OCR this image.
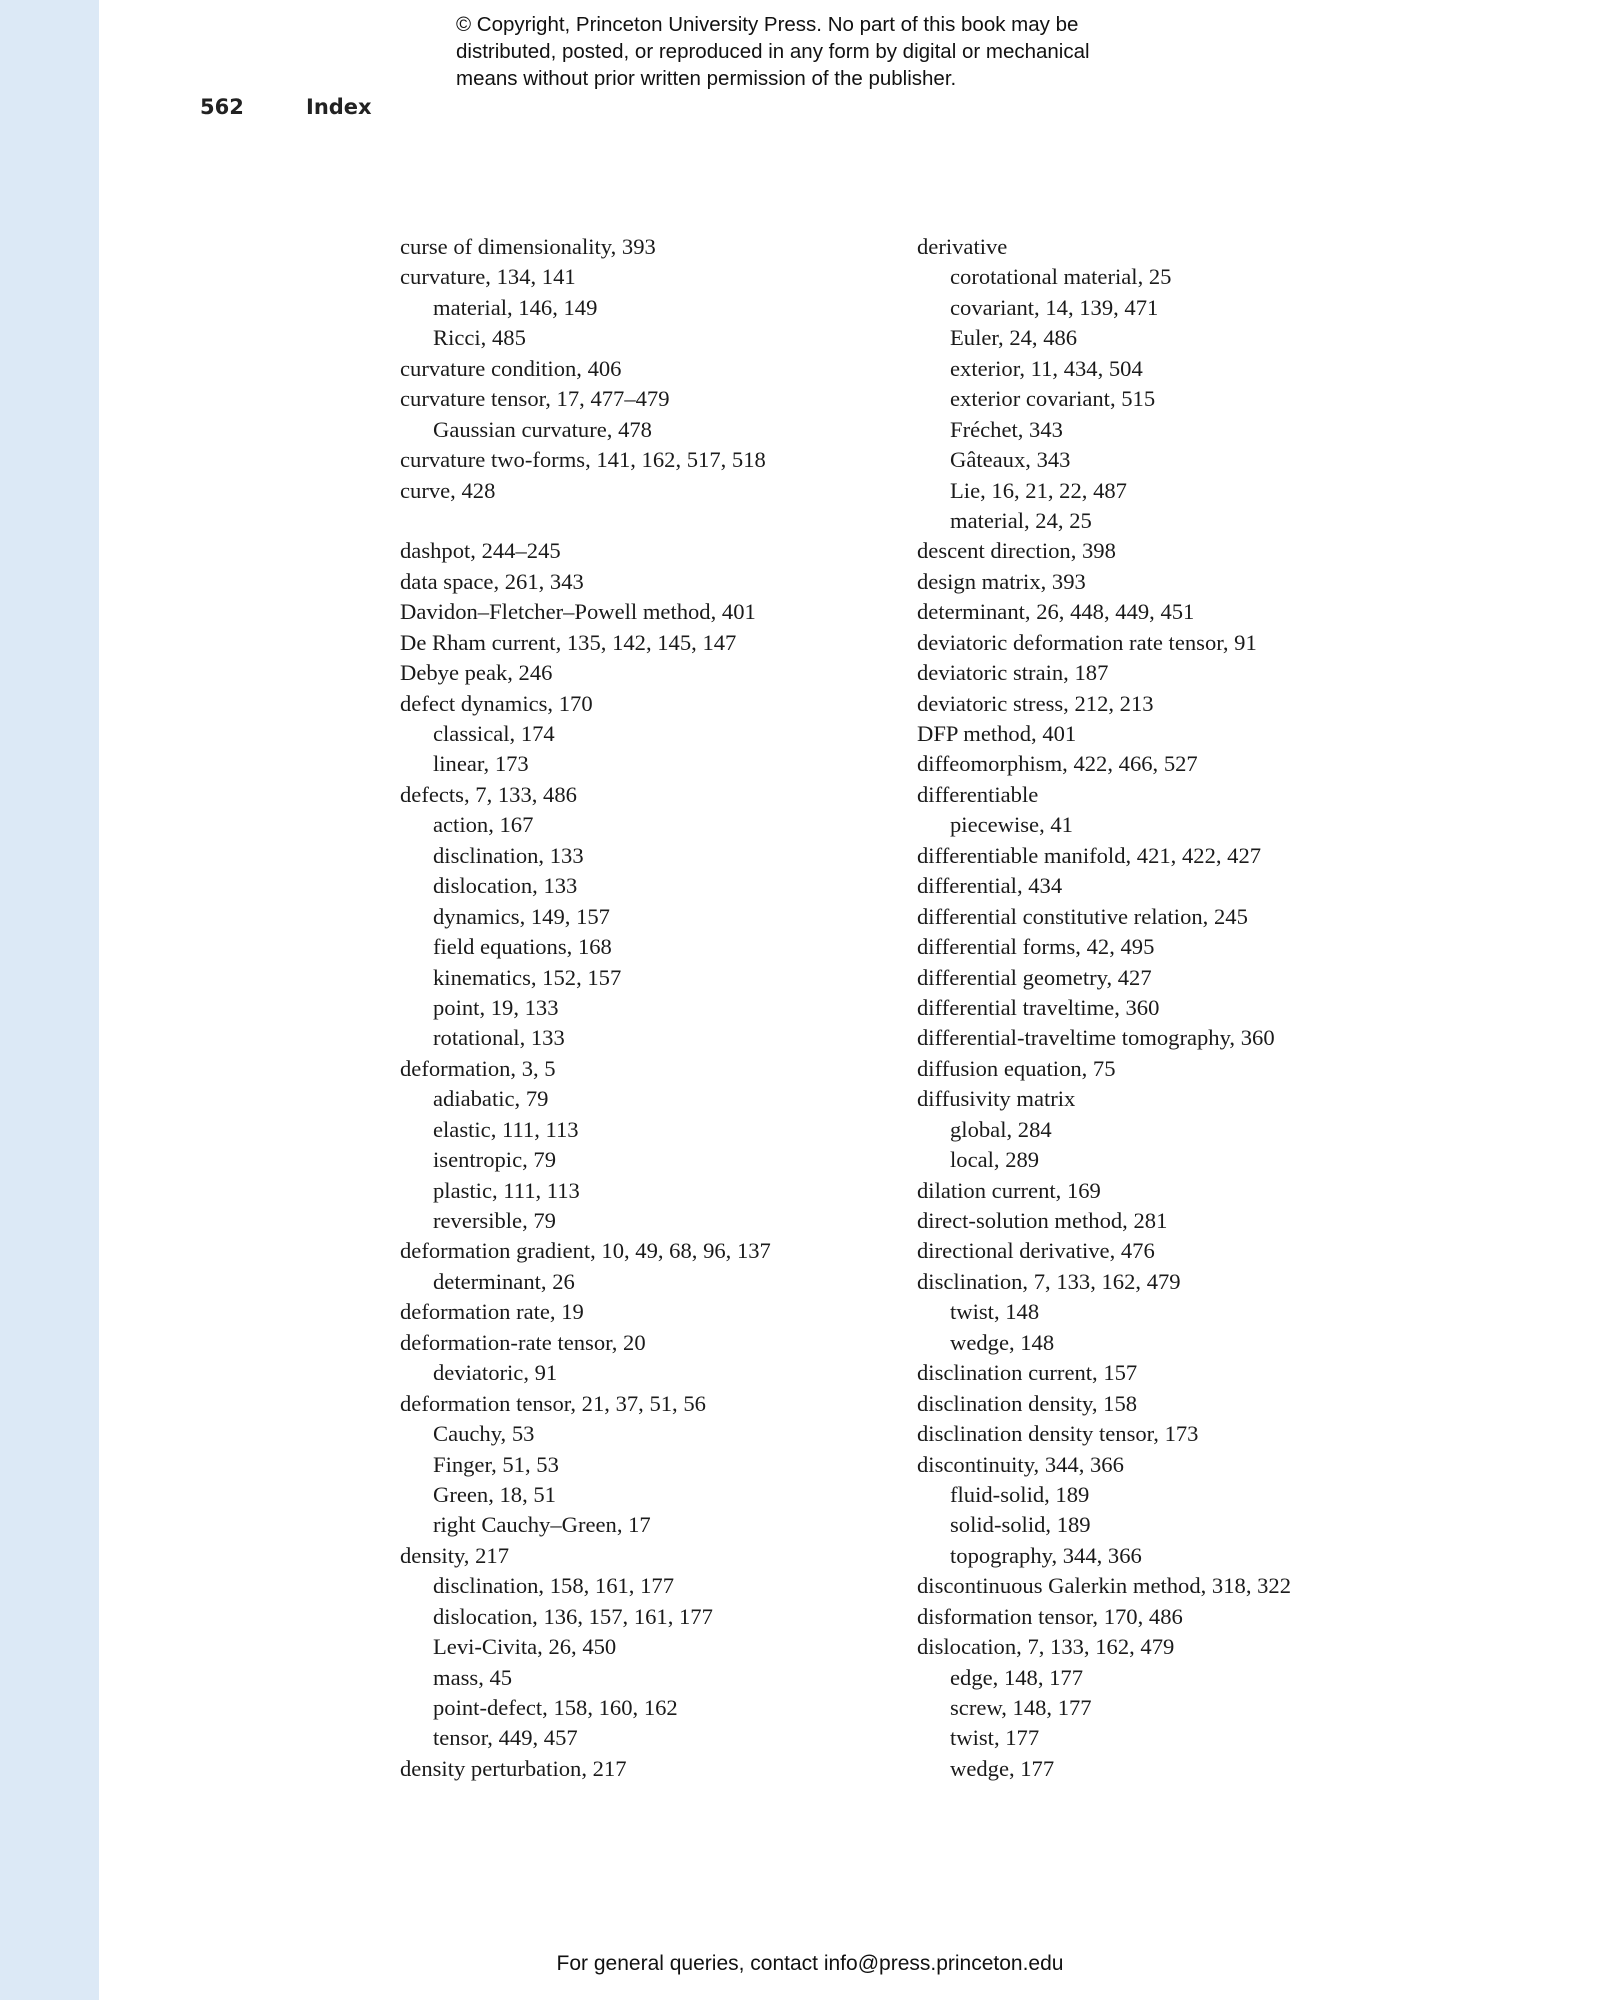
© Copyright, Princeton University Press. No part of this book may be
distributed, posted, or reproduced in any form by digital or mechanical
means without prior written permission of the publisher.
562	Index
curse of dimensionality, 393
curvature, 134, 141
material, 146, 149
Ricci, 485
curvature condition, 406
curvature tensor, 17, 477–479
Gaussian curvature, 478
curvature two-forms, 141, 162, 517, 518
curve, 428
dashpot, 244–245
data space, 261, 343
Davidon–Fletcher–Powell method, 401
De Rham current, 135, 142, 145, 147
Debye peak, 246
defect dynamics, 170
classical, 174
linear, 173
defects, 7, 133, 486
action, 167
disclination, 133
dislocation, 133
dynamics, 149, 157
field equations, 168
kinematics, 152, 157
point, 19, 133
rotational, 133
deformation, 3, 5
adiabatic, 79
elastic, 111, 113
isentropic, 79
plastic, 111, 113
reversible, 79
deformation gradient, 10, 49, 68, 96, 137
determinant, 26
deformation rate, 19
deformation-rate tensor, 20
deviatoric, 91
deformation tensor, 21, 37, 51, 56
Cauchy, 53
Finger, 51, 53
Green, 18, 51
right Cauchy–Green, 17
density, 217
disclination, 158, 161, 177
dislocation, 136, 157, 161, 177
Levi-Civita, 26, 450
mass, 45
point-defect, 158, 160, 162
tensor, 449, 457
density perturbation, 217
derivative
corotational material, 25
covariant, 14, 139, 471
Euler, 24, 486
exterior, 11, 434, 504
exterior covariant, 515
Fréchet, 343
Gâteaux, 343
Lie, 16, 21, 22, 487
material, 24, 25
descent direction, 398
design matrix, 393
determinant, 26, 448, 449, 451
deviatoric deformation rate tensor, 91
deviatoric strain, 187
deviatoric stress, 212, 213
DFP method, 401
diffeomorphism, 422, 466, 527
differentiable
piecewise, 41
differentiable manifold, 421, 422, 427
differential, 434
differential constitutive relation, 245
differential forms, 42, 495
differential geometry, 427
differential traveltime, 360
differential-traveltime tomography, 360
diffusion equation, 75
diffusivity matrix
global, 284
local, 289
dilation current, 169
direct-solution method, 281
directional derivative, 476
disclination, 7, 133, 162, 479
twist, 148
wedge, 148
disclination current, 157
disclination density, 158
disclination density tensor, 173
discontinuity, 344, 366
fluid-solid, 189
solid-solid, 189
topography, 344, 366
discontinuous Galerkin method, 318, 322
disformation tensor, 170, 486
dislocation, 7, 133, 162, 479
edge, 148, 177
screw, 148, 177
twist, 177
wedge, 177
For general queries, contact info@press.princeton.edu
